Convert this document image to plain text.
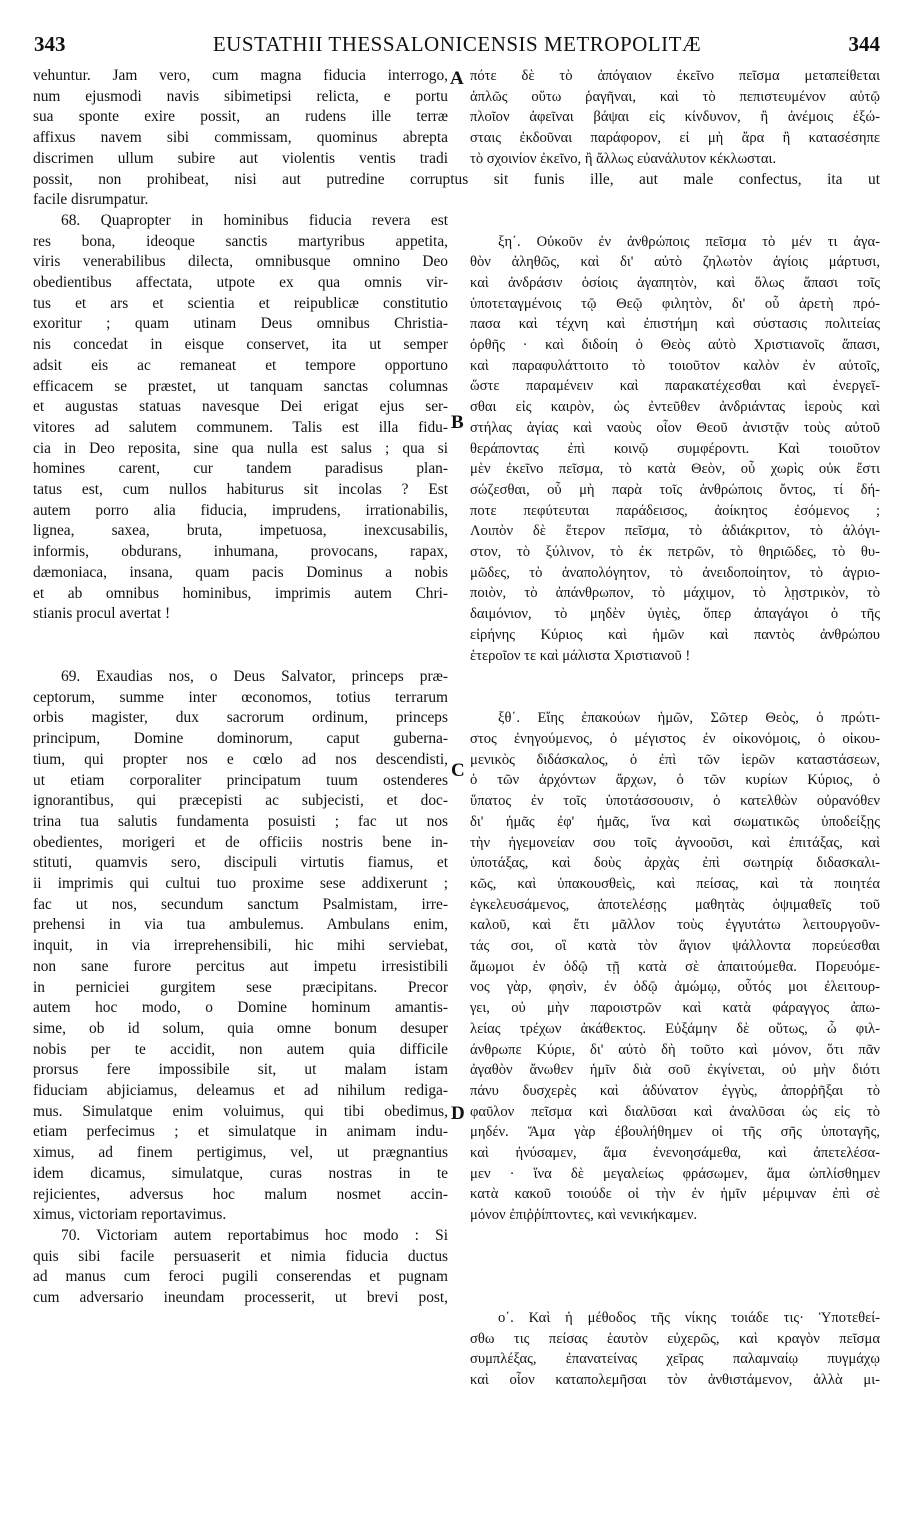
343	EUSTATHII THESSALONICENSIS METROPOLITÆ	344
A
B
C
D
vehuntur. Jam vero, cum magna fiducia interrogo,
num ejusmodi navis sibimetipsi relicta, e portu
sua sponte exire possit, an rudens ille terræ
affixus navem sibi commissam, quominus abrepta
discrimen ullum subire aut violentis ventis tradi
possit, non prohibeat, nisi aut putredine corruptus sit funis ille, aut male confectus, ita ut
facile disrumpatur.
68. Quapropter in hominibus fiducia revera est
res bona, ideoque sanctis martyribus appetita,
viris venerabilibus dilecta, omnibusque omnino Deo
obedientibus affectata, utpote ex qua omnis vir-
tus et ars et scientia et reipublicæ constitutio
exoritur ; quam utinam Deus omnibus Christia-
nis concedat in eisque conservet, ita ut semper
adsit eis ac remaneat et tempore opportuno
efficacem se præstet, ut tanquam sanctas columnas
et augustas statuas navesque Dei erigat ejus ser-
vitores ad salutem communem. Talis est illa fidu-
cia in Deo reposita, sine qua nulla est salus ; qua si
homines carent, cur tandem paradisus plan-
tatus est, cum nullos habiturus sit incolas ? Est
autem porro alia fiducia, imprudens, irrationabilis,
lignea, saxea, bruta, impetuosa, inexcusabilis,
informis, obdurans, inhumana, provocans, rapax,
dæmoniaca, insana, quam pacis Dominus a nobis
et ab omnibus hominibus, imprimis autem Chri-
stianis procul avertat !
69. Exaudias nos, o Deus Salvator, princeps præ-
ceptorum, summe inter œconomos, totius terrarum
orbis magister, dux sacrorum ordinum, princeps
principum, Domine dominorum, caput guberna-
tium, qui propter nos e cœlo ad nos descendisti,
ut etiam corporaliter principatum tuum ostenderes
ignorantibus, qui præcepisti ac subjecisti, et doc-
trina tua salutis fundamenta posuisti ; fac ut nos
obedientes, morigeri et de officiis nostris bene in-
stituti, quamvis sero, discipuli virtutis fiamus, et
ii imprimis qui cultui tuo proxime sese addixerunt ;
fac ut nos, secundum sanctum Psalmistam, irre-
prehensi in via tua ambulemus. Ambulans enim,
inquit, in via irreprehensibili, hic mihi serviebat,
non sane furore percitus aut impetu irresistibili
in perniciei gurgitem sese præcipitans. Precor
autem hoc modo, o Domine hominum amantis-
sime, ob id solum, quia omne bonum desuper
nobis per te accidit, non autem quia difficile
prorsus fere impossibile sit, ut malam istam
fiduciam abjiciamus, deleamus et ad nihilum rediga-
mus. Simulatque enim voluimus, qui tibi obedimus,
etiam perfecimus ; et simulatque in animam indu-
ximus, ad finem pertigimus, vel, ut prægnantius
idem dicamus, simulatque, curas nostras in te
rejicientes, adversus hoc malum nosmet accin-
ximus, victoriam reportavimus.
70. Victoriam autem reportabimus hoc modo : Si
quis sibi facile persuaserit et nimia fiducia ductus
ad manus cum feroci pugili conserendas et pugnam
cum adversario ineundam processerit, ut brevi post,
πότε δὲ τὸ ἀπόγαιον ἐκεῖνο πεῖσμα μεταπείθεται
ἁπλῶς οὕτω ῥαγῆναι, καὶ τὸ πεπιστευμένον αὐτῷ
πλοῖον ἀφεῖναι βάψαι εἰς κίνδυνον, ἢ ἀνέμοις ἐξώ-
σταις ἐκδοῦναι παράφορον, εἰ μὴ ἄρα ἢ κατασέσηπε
τὸ σχοινίον ἐκεῖνο, ἢ ἄλλως εὐανάλυτον κέκλωσται.
ξη΄. Οὐκοῦν ἐν ἀνθρώποις πεῖσμα τὸ μέν τι ἀγα-
θὸν ἀληθῶς, καὶ δι' αὐτὸ ζηλωτὸν ἁγίοις μάρτυσι,
καὶ ἀνδράσιν ὁσίοις ἀγαπητὸν, καὶ ὅλως ἅπασι τοῖς
ὑποτεταγμένοις τῷ Θεῷ φιλητὸν, δι' οὗ ἀρετὴ πρό-
πασα καὶ τέχνη καὶ ἐπιστήμη καὶ σύστασις πολιτείας
ὀρθῆς · καὶ διδοίη ὁ Θεὸς αὐτὸ Χριστιανοῖς ἅπασι,
καὶ παραφυλάττοιτο τὸ τοιοῦτον καλὸν ἐν αὐτοῖς,
ὥστε παραμένειν καὶ παρακατέχεσθαι καὶ ἐνεργεῖ-
σθαι εἰς καιρὸν, ὡς ἐντεῦθεν ἀνδριάντας ἱεροὺς καὶ
στήλας ἁγίας καὶ ναοὺς οἷον Θεοῦ ἀνιστᾷν τοὺς αὐτοῦ
θεράποντας ἐπὶ κοινῷ συμφέροντι. Καὶ τοιοῦτον
μὲν ἐκεῖνο πεῖσμα, τὸ κατὰ Θεὸν, οὗ χωρὶς οὐκ ἔστι
σώζεσθαι, οὗ μὴ παρὰ τοῖς ἀνθρώποις ὄντος, τί δή-
ποτε πεφύτευται παράδεισος, ἀοίκητος ἐσόμενος ;
Λοιπὸν δὲ ἕτερον πεῖσμα, τὸ ἀδιάκριτον, τὸ ἀλόγι-
στον, τὸ ξύλινον, τὸ ἐκ πετρῶν, τὸ θηριῶδες, τὸ θυ-
μῶδες, τὸ ἀναπολόγητον, τὸ ἀνειδοποίητον, τὸ ἀγριο-
ποιὸν, τὸ ἀπάνθρωπον, τὸ μάχιμον, τὸ λῃστρικὸν, τὸ
δαιμόνιον, τὸ μηδὲν ὑγιὲς, ὅπερ ἀπαγάγοι ὁ τῆς
εἰρήνης Κύριος καὶ ἡμῶν καὶ παντὸς ἀνθρώπου
ἑτεροῖον τε καὶ μάλιστα Χριστιανοῦ !
ξθ΄. Εἴης ἐπακούων ἡμῶν, Σῶτερ Θεὸς, ὁ πρώτι-
στος ἐνηγούμενος, ὁ μέγιστος ἐν οἰκονόμοις, ὁ οἰκου-
μενικὸς διδάσκαλος, ὁ ἐπὶ τῶν ἱερῶν καταστάσεων,
ὁ τῶν ἀρχόντων ἄρχων, ὁ τῶν κυρίων Κύριος, ὁ
ὕπατος ἐν τοῖς ὑποτάσσουσιν, ὁ κατελθὼν οὐρανόθεν
δι' ἡμᾶς ἐφ' ἡμᾶς, ἵνα καὶ σωματικῶς ὑποδείξῃς
τὴν ἡγεμονείαν σου τοῖς ἀγνοοῦσι, καὶ ἐπιτάξας, καὶ
ὑποτάξας, καὶ δοὺς ἀρχὰς ἐπὶ σωτηρίᾳ διδασκαλι-
κῶς, καὶ ὑπακουσθεὶς, καὶ πείσας, καὶ τὰ ποιητέα
ἐγκελευσάμενος, ἀποτελέσῃς μαθητὰς ὀψιμαθεῖς τοῦ
καλοῦ, καὶ ἔτι μᾶλλον τοὺς ἐγγυτάτω λειτουργοῦν-
τάς σοι, οἳ κατὰ τὸν ἅγιον ψάλλοντα πορεύεσθαι
ἄμωμοι ἐν ὁδῷ τῇ κατὰ σὲ ἀπαιτούμεθα. Πορευόμε-
νος γὰρ, φησὶν, ἐν ὁδῷ ἀμώμῳ, οὗτός μοι ἐλειτουρ-
γει, οὐ μὴν παροιστρῶν καὶ κατὰ φάραγγος ἀπω-
λείας τρέχων ἀκάθεκτος. Εὐξάμην δὲ οὕτως, ὦ φιλ-
άνθρωπε Κύριε, δι' αὐτὸ δὴ τοῦτο καὶ μόνον, ὅτι πᾶν
ἀγαθὸν ἄνωθεν ἡμῖν διὰ σοῦ ἐκγίνεται, οὐ μὴν διότι
πάνυ δυσχερὲς καὶ ἀδύνατον ἐγγὺς, ἀπορῥῆξαι τὸ
φαῦλον πεῖσμα καὶ διαλῦσαι καὶ ἀναλῦσαι ὡς εἰς τὸ
μηδέν. Ἅμα γὰρ ἐβουλήθημεν οἱ τῆς σῆς ὑποταγῆς,
καὶ ἠνύσαμεν, ἅμα ἐνενοησάμεθα, καὶ ἀπετελέσα-
μεν · ἵνα δὲ μεγαλείως φράσωμεν, ἅμα ὡπλίσθημεν
κατὰ κακοῦ τοιούδε οἱ τὴν ἐν ἡμῖν μέριμναν ἐπὶ σὲ
μόνον ἐπιῤῥίπτοντες, καὶ νενικήκαμεν.
ο΄. Καὶ ἡ μέθοδος τῆς νίκης τοιάδε τις· Ὑποτεθεί-
σθω τις πείσας ἑαυτὸν εὐχερῶς, καὶ κραγὸν πεῖσμα
συμπλέξας, ἐπανατείνας χεῖρας παλαμναίῳ πυγμάχῳ
καὶ οἷον καταπολεμῆσαι τὸν ἀνθιστάμενον, ἀλλὰ μι-
